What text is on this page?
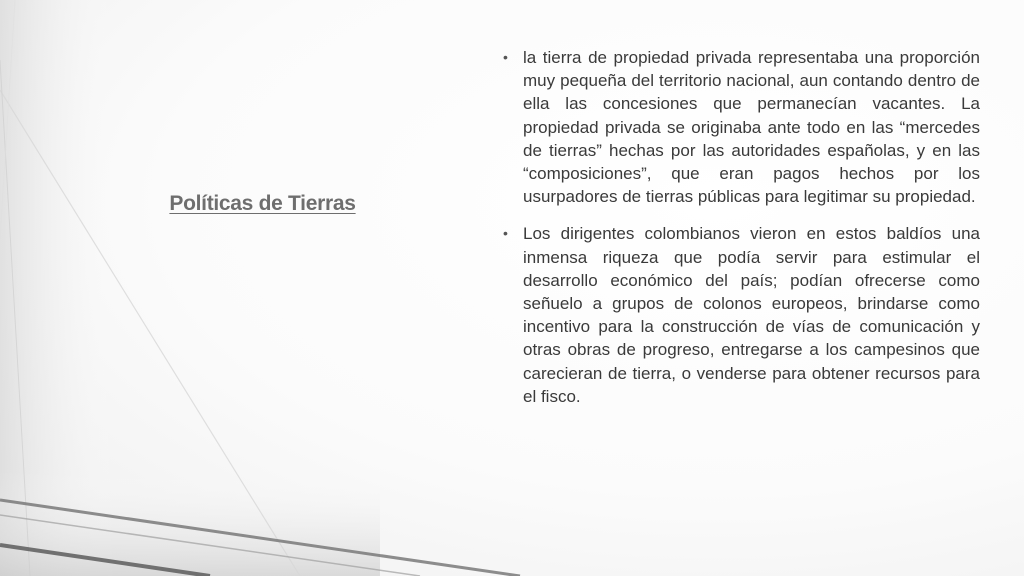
Políticas de Tierras
• la tierra de propiedad privada representaba una proporción muy pequeña del territorio nacional, aun contando dentro de ella las concesiones que permanecían vacantes. La propiedad privada se originaba ante todo en las “mercedes de tierras” hechas por las autoridades españolas, y en las “composiciones”, que eran pagos hechos por los usurpadores de tierras públicas para legitimar su propiedad.
• Los dirigentes colombianos vieron en estos baldíos una inmensa riqueza que podía servir para estimular el desarrollo económico del país; podían ofrecerse como señuelo a grupos de colonos europeos, brindarse como incentivo para la construcción de vías de comunicación y otras obras de progreso, entregarse a los campesinos que carecieran de tierra, o venderse para obtener recursos para el fisco.
